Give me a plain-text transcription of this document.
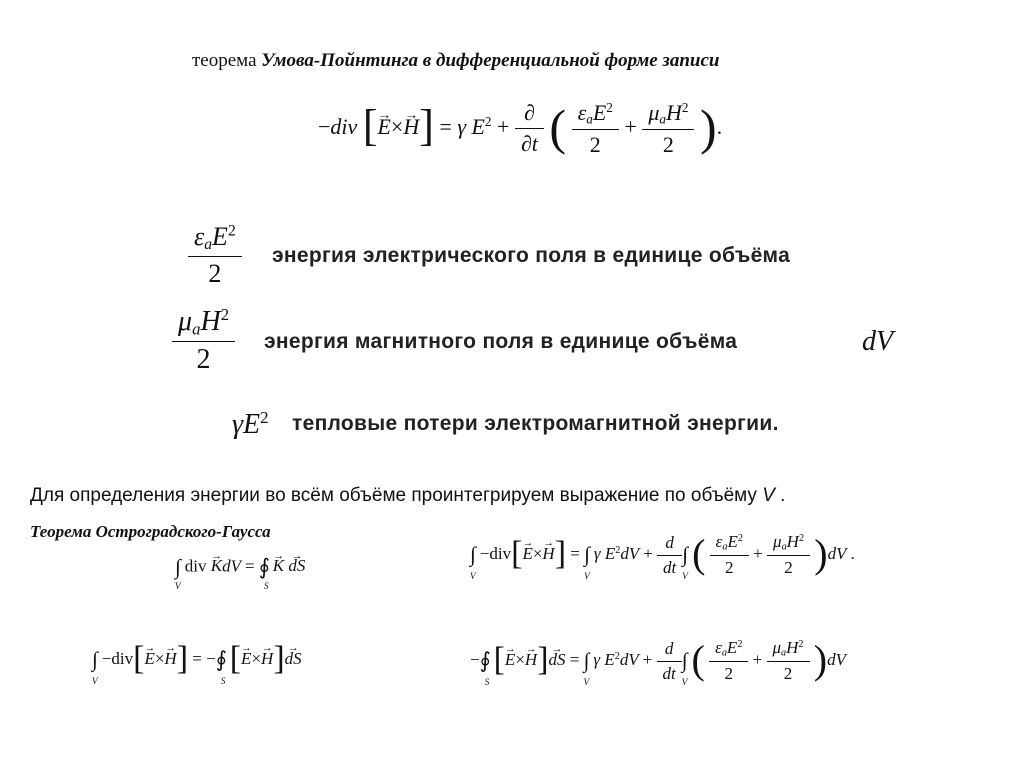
теорема Умова-Пойнтинга в дифференциальной форме записи
−div [→ E×→ H] = γ $E^2 + \frac{\partial}{\partial t}$ ( $\frac{\varepsilon_aE^2}{2} + \frac{\mu_aH^2}{2}$ ).
$\frac{\varepsilon_aE^2}{2}$ энергия электрического поля в единице объёма
$\frac{\mu_aH^2}{2}$ энергия магнитного поля в единице объёма	dV
$\gamma E^2$ тепловые потери электромагнитной энергии.
Для определения энергии во всём объёме проинтегрируем выражение по объёму V .
Теорема Остроградского-Гаусса
$\int_V$ div → KdV = $∮_S \to K$ → dS	$\int_V -div[\to E\times\to H] = \int_V$ γ $E^2dV + \frac{d}{dt} \int_V$ ( $\frac{\varepsilon_aE^2}{2} + \frac{\mu_aH^2}{2} )dV$ .
$\int_V -div[\to E\times\to H]$ = $-∮_S$ [→ E×→ H]→ dS	$-∮_S$ [→ E×→ H]→ dS = $\int_V$ γ $E^2dV + \frac{d}{dt} \int_V$ ( $\frac{\varepsilon_aE^2}{2} + \frac{\mu_aH^2}{2} )dV$
